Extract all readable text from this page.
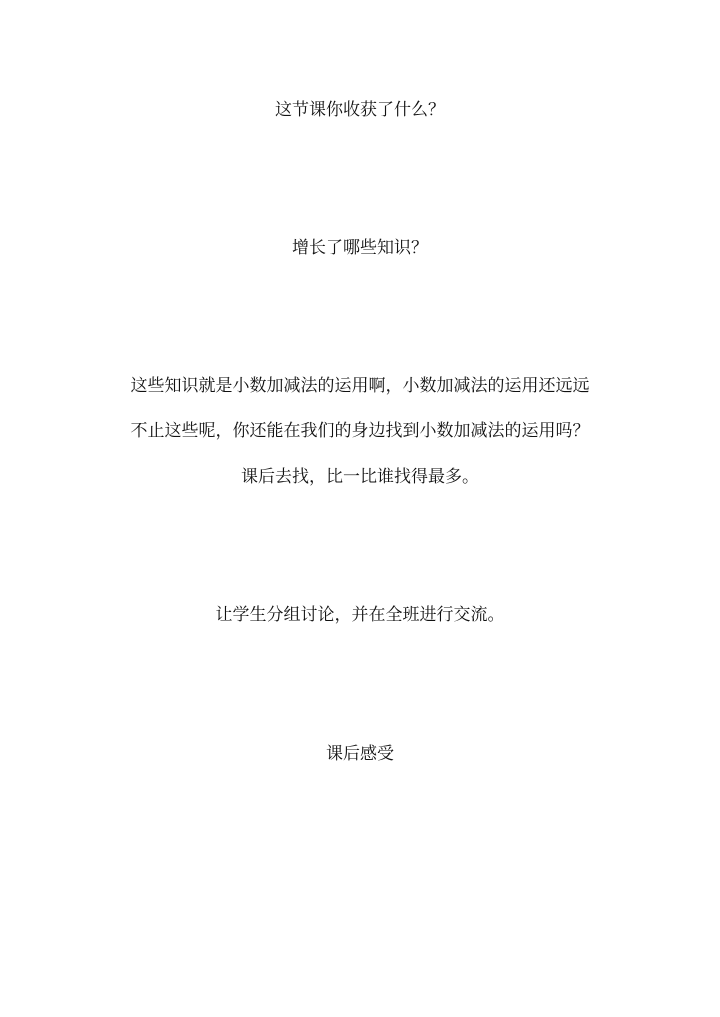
这节课你收获了什么？
增长了哪些知识？
这些知识就是小数加减法的运用啊，小数加减法的运用还远远
不止这些呢，你还能在我们的身边找到小数加减法的运用吗？
课后去找，比一比谁找得最多。
让学生分组讨论，并在全班进行交流。
课后感受
